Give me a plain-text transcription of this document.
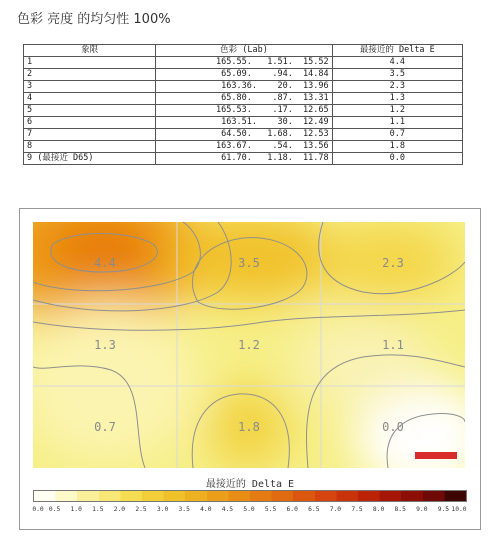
色彩 亮度 的均匀性 100%
象限	色彩 (Lab)	最接近的 Delta E
1	165.55.   1.51.  15.52	4.4
2	65.09.    .94.  14.84	3.5
3	163.36.    20.  13.96	2.3
4	65.80.    .87.  13.31	1.3
5	165.53.    .17.  12.65	1.2
6	163.51.    30.  12.49	1.1
7	64.50.   1.68.  12.53	0.7
8	163.67.    .54.  13.56	1.8
9 (最接近 D65)	61.70.   1.18.  11.78	0.0
4.4	3.5	2.3
1.3	1.2	1.1
0.7	1.8	0.0
最接近的 Delta E
0.0 0.5 1.0 1.5 2.0 2.5 3.0 3.5 4.0 4.5 5.0 5.5 6.0 6.5 7.0 7.5 8.0 8.5 9.0 9.5 10.0
